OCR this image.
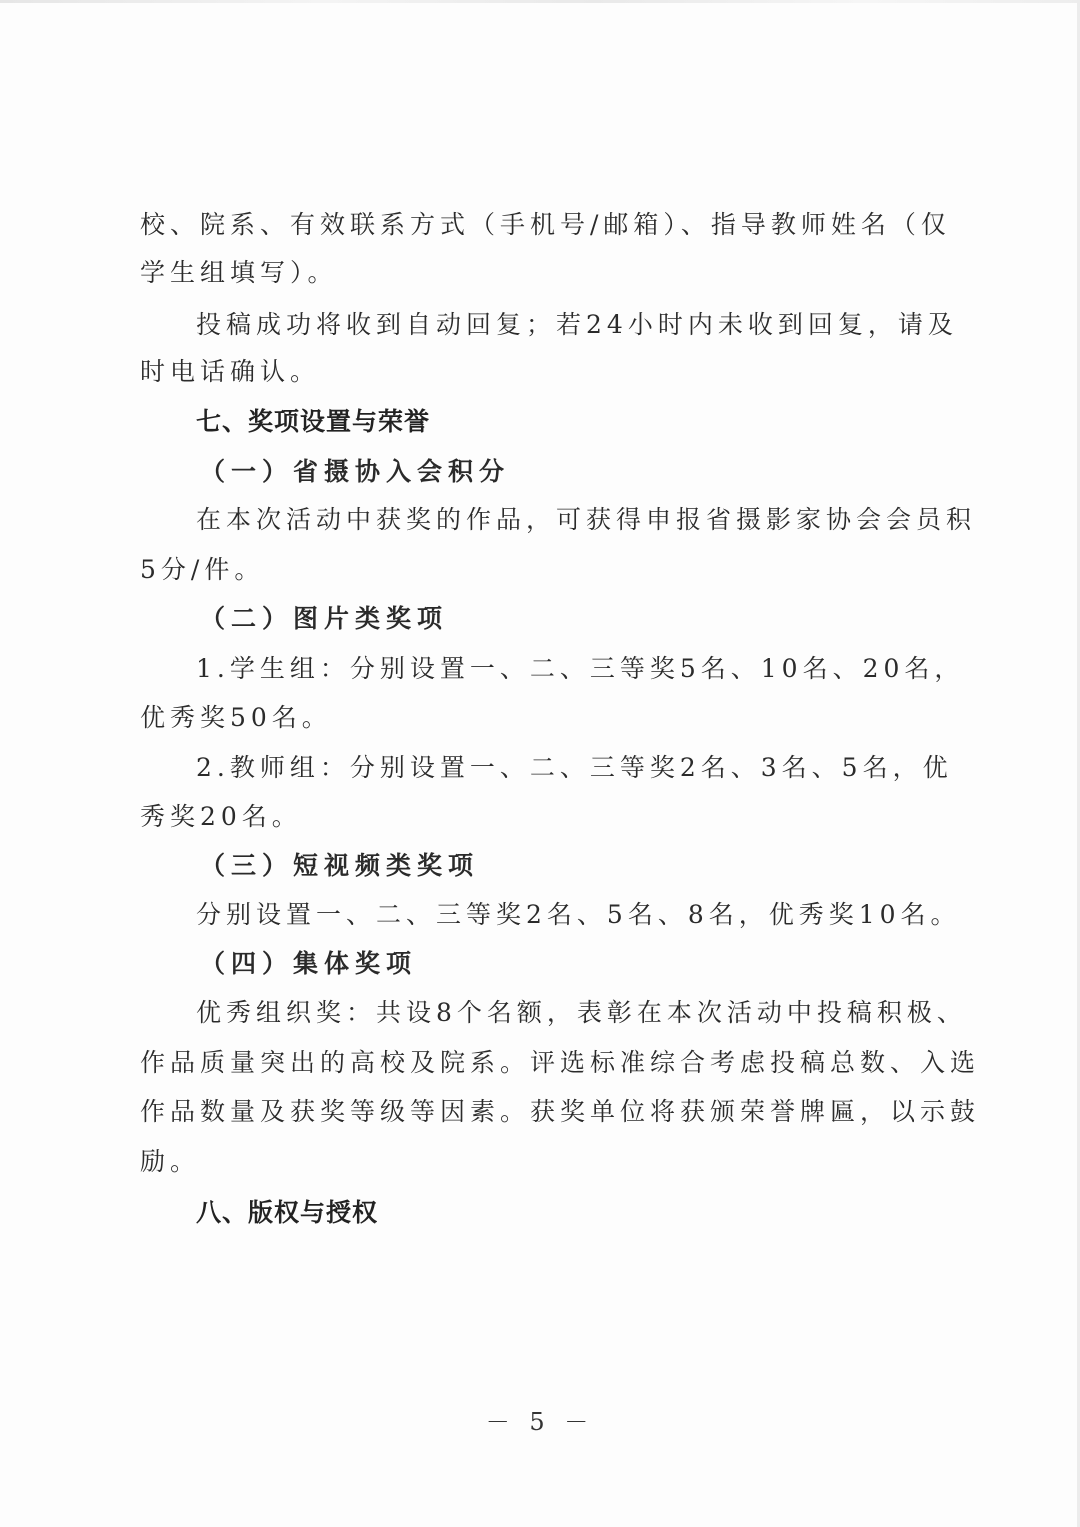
校、院系、有效联系方式（手机号/邮箱）、指导教师姓名（仅
学生组填写）。
投稿成功将收到自动回复；若24小时内未收到回复，请及
时电话确认。
七、奖项设置与荣誉
（一）省摄协入会积分
在本次活动中获奖的作品，可获得申报省摄影家协会会员积
5分/件。
（二）图片类奖项
1.学生组：分别设置一、二、三等奖5名、10名、20名，
优秀奖50名。
2.教师组：分别设置一、二、三等奖2名、3名、5名，优
秀奖20名。
（三）短视频类奖项
分别设置一、二、三等奖2名、5名、8名，优秀奖10名。
（四）集体奖项
优秀组织奖：共设8个名额，表彰在本次活动中投稿积极、
作品质量突出的高校及院系。评选标准综合考虑投稿总数、入选
作品数量及获奖等级等因素。获奖单位将获颁荣誉牌匾，以示鼓
励。
八、版权与授权
－ 5 －
